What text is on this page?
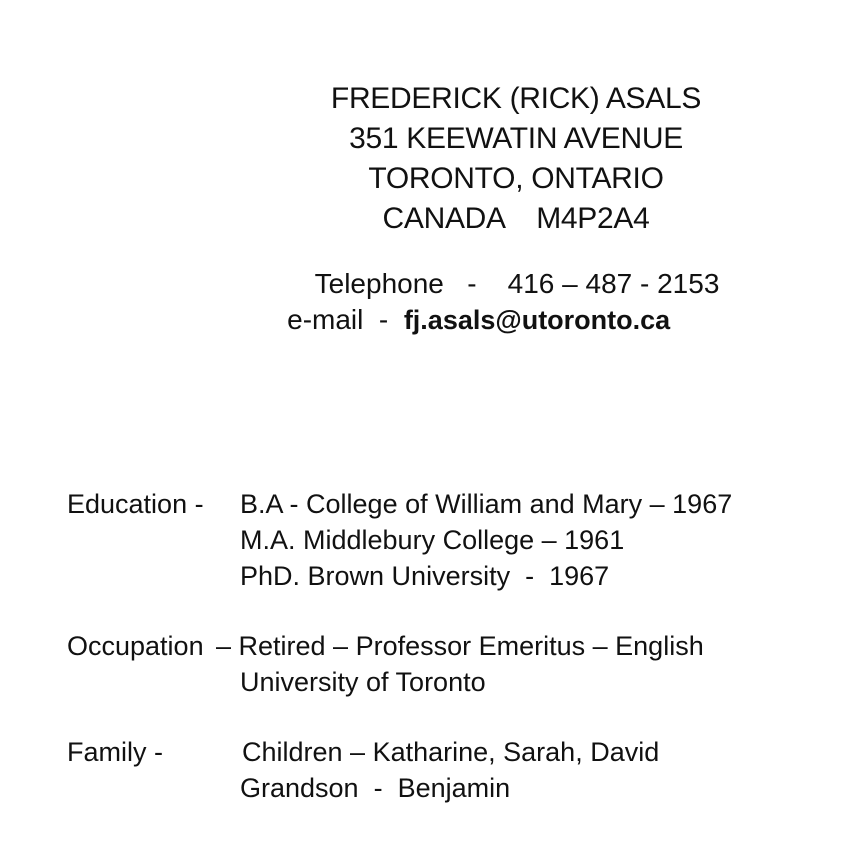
FREDERICK (RICK) ASALS
351 KEEWATIN AVENUE
TORONTO, ONTARIO
CANADA    M4P2A4

Telephone - 416 – 487 - 2153

e-mail - fj.asals@utoronto.ca

Education - B.A - College of William and Mary – 1967
M.A. Middlebury College – 1961
PhD. Brown University  -  1967
Occupation – Retired – Professor Emeritus – English
University of Toronto
Family -	Children – Katharine, Sarah, David
Grandson  -  Benjamin
